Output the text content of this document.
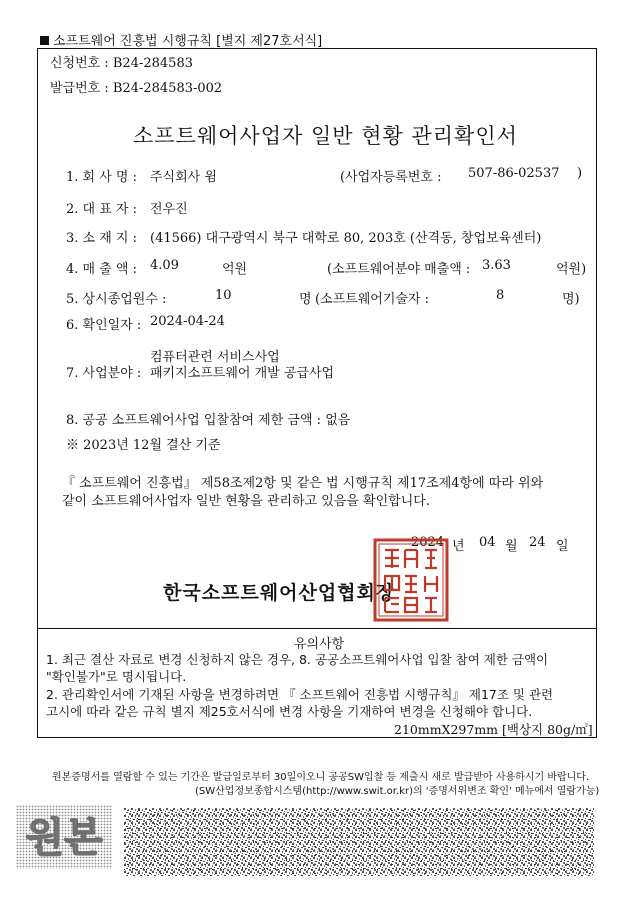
소프트웨어 진흥법 시행규칙 [별지 제27호서식]
신청번호 : B24-284583
발급번호 : B24-284583-002
소프트웨어사업자 일반 현황 관리확인서
1. 회 사 명 : 주식회사 윔	(사업자등록번호 : 507-86-02537 )
2. 대 표 자 : 전우진
3. 소 재 지 : (41566) 대구광역시 북구 대학로 80, 203호 (산격동, 창업보육센터)
4. 매 출 액 : 4.09	억원	(소프트웨어분야 매출액 : 3.63	억원)
5. 상시종업원수 :	10	명 (소프트웨어기술자 :	8	명)
6. 확인일자 : 2024-04-24
컴퓨터관련 서비스사업
7. 사업분야 : 패키지소프트웨어 개발 공급사업
8. 공공 소프트웨어사업 입찰참여 제한 금액 : 없음
※ 2023년 12월 결산 기준
『 소프트웨어 진흥법』 제58조제2항 및 같은 법 시행규칙 제17조제4항에 따라 위와
같이 소프트웨어사업자 일반 현황을 관리하고 있음을 확인합니다.
2024 년 04 월 24 일
한국소프트웨어산업협회장
유의사항
1. 최근 결산 자료로 변경 신청하지 않은 경우, 8. 공공소프트웨어사업 입찰 참여 제한 금액이
"확인불가"로 명시됩니다.
2. 관리확인서에 기재된 사항을 변경하려면 『 소프트웨어 진흥법 시행규칙』 제17조 및 관련
고시에 따라 같은 규칙 별지 제25호서식에 변경 사항을 기재하여 변경을 신청해야 합니다.
210mmX297mm [백상지 80g/㎡]
원본증명서를 열람할 수 있는 기간은 발급일로부터 30일이오니 공공SW입찰 등 제출시 새로 발급받아 사용하시기 바랍니다.
(SW산업정보종합시스템(http://www.swit.or.kr)의 '증명서위변조 확인' 메뉴에서 열람가능)
원본
